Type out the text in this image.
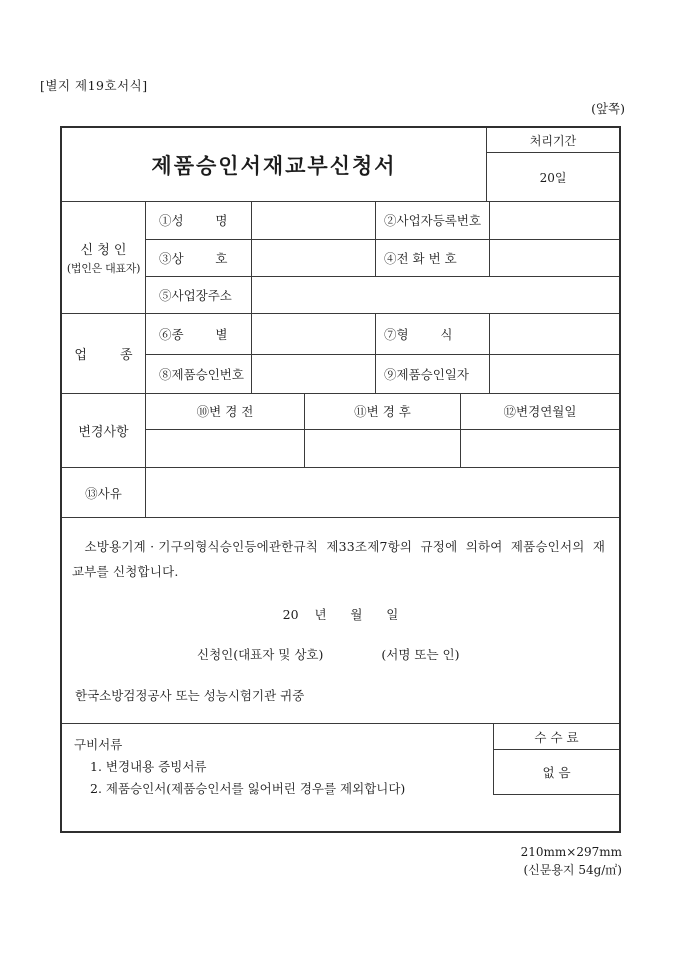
[별지 제19호서식]
(앞쪽)
제품승인서재교부신청서
처리기간
20일
신 청 인
(법인은 대표자)
①성        명	②사업자등록번호
③상        호	④전 화 번 호
⑤사업장주소
업        종
⑥종        별	⑦형        식
⑧제품승인번호	⑨제품승인일자
변경사항
⑩변 경 전	⑪변 경 후	⑫변경연월일
⑬사유
소방용기계 · 기구의형식승인등에관한규칙  제33조제7항의  규정에  의하여  제품승인서의  재
교부를 신청합니다.
20    년      월      일
신청인(대표자 및 상호)	(서명 또는 인)
한국소방검정공사 또는 성능시험기관 귀중
구비서류
1. 변경내용 증빙서류
2. 제품승인서(제품승인서를 잃어버린 경우를 제외합니다)
수 수 료
없 음
210mm×297mm
(신문용지 54g/㎡)
